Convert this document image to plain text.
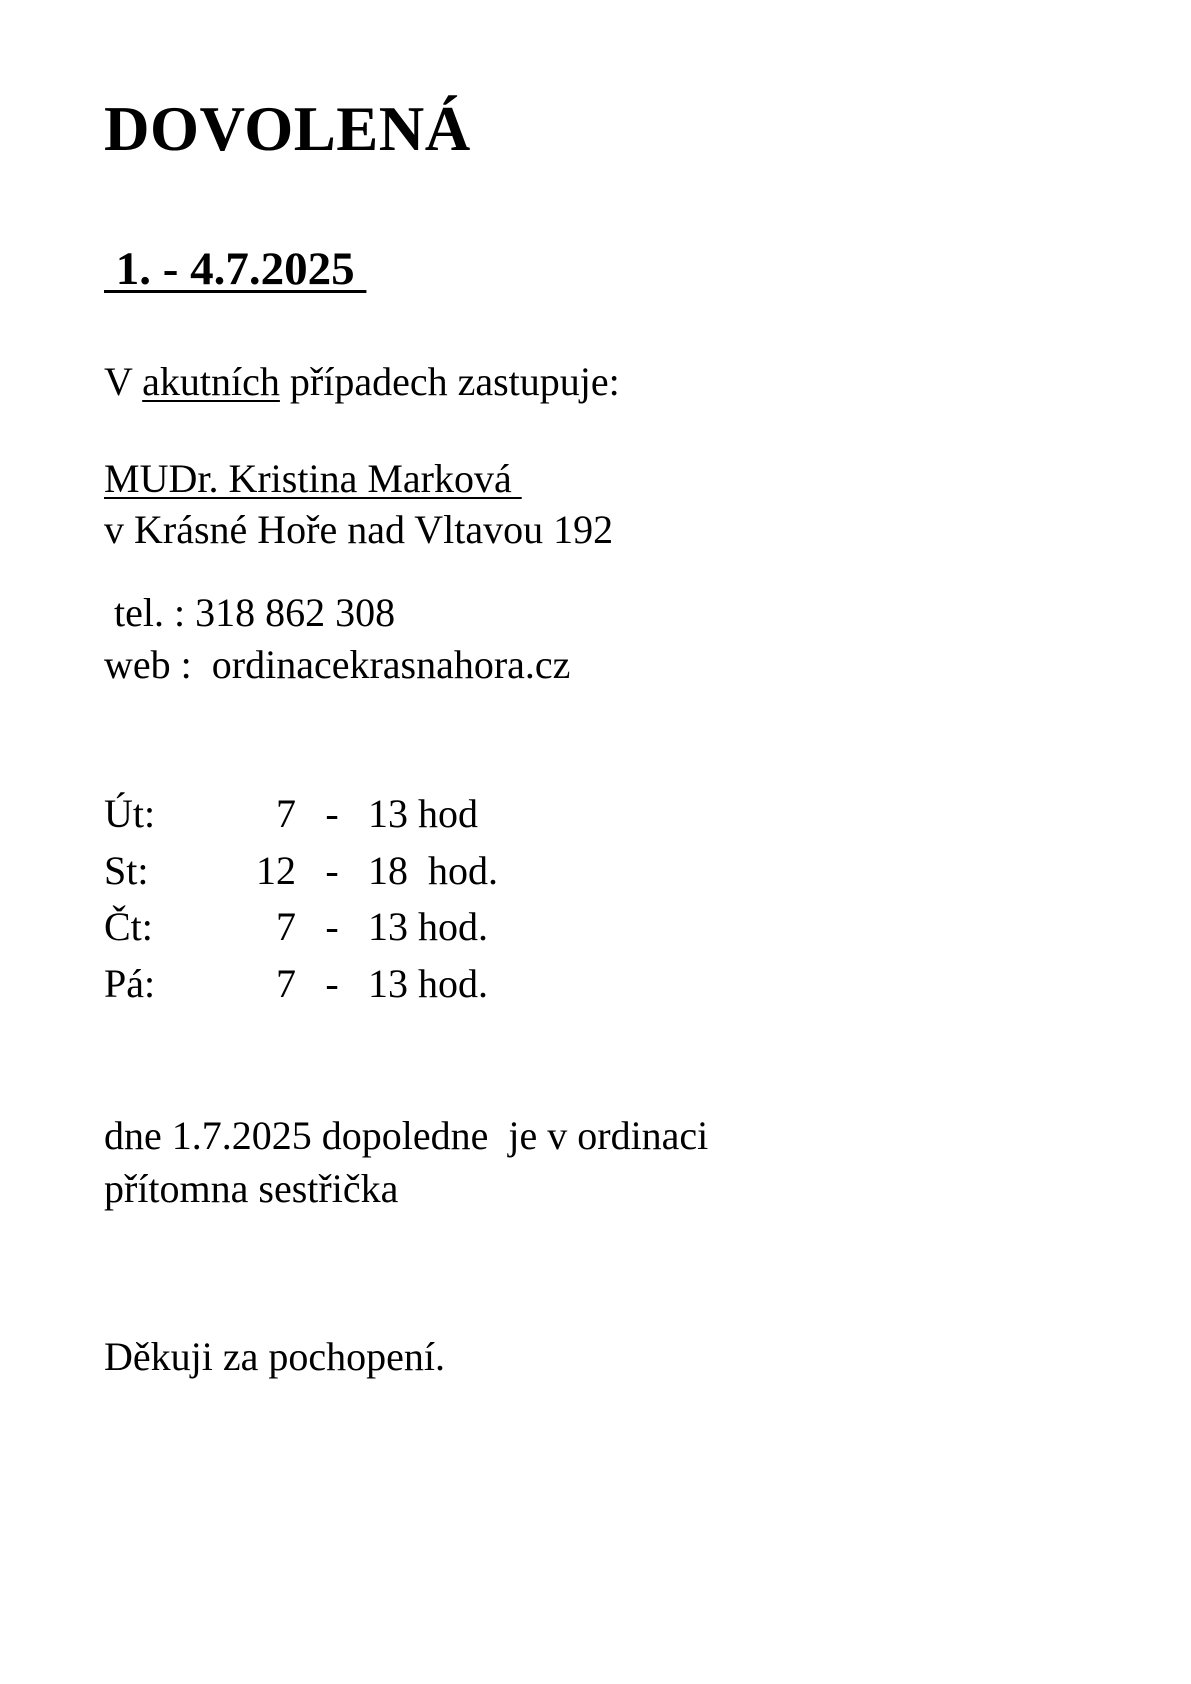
DOVOLENÁ

1. - 4.7.2025

V akutních případech zastupuje:

MUDr. Kristina Marková

v Krásné Hoře nad Vltavou 192

tel. : 318 862 308

web :  ordinacekrasnahora.cz

Út:	7 - 13 hod
St:	12 - 18  hod.
Čt:	7 - 13 hod.
Pá:	7 - 13 hod.
dne 1.7.2025 dopoledne  je v ordinaci
přítomna sestřička

Děkuji za pochopení.
